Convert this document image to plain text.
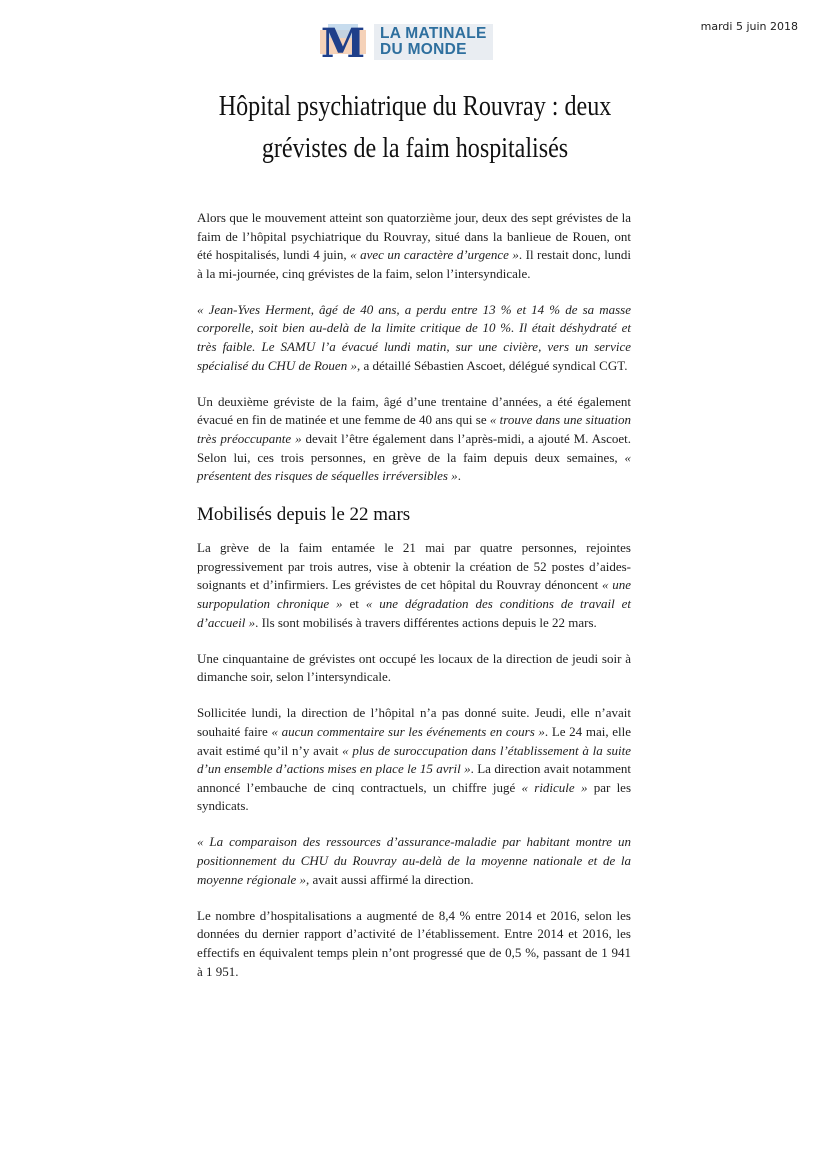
mardi 5 juin 2018
M LA MATINALE
DU MONDE
Hôpital psychiatrique du Rouvray : deux grévistes de la faim hospitalisés

Alors que le mouvement atteint son quatorzième jour, deux des sept grévistes de la faim de l’hôpital psychiatrique du Rouvray, situé dans la banlieue de Rouen, ont été hospitalisés, lundi 4 juin, « avec un caractère d’urgence ». Il restait donc, lundi à la mi-journée, cinq grévistes de la faim, selon l’intersyndicale.

« Jean-Yves Herment, âgé de 40 ans, a perdu entre 13 % et 14 % de sa masse corporelle, soit bien au-delà de la limite critique de 10 %. Il était déshydraté et très faible. Le SAMU l’a évacué lundi matin, sur une civière, vers un service spécialisé du CHU de Rouen », a détaillé Sébastien Ascoet, délégué syndical CGT.

Un deuxième gréviste de la faim, âgé d’une trentaine d’années, a été également évacué en fin de matinée et une femme de 40 ans qui se « trouve dans une situation très préoccupante » devait l’être également dans l’après-midi, a ajouté M. Ascoet. Selon lui, ces trois personnes, en grève de la faim depuis deux semaines, « présentent des risques de séquelles irréversibles ».

Mobilisés depuis le 22 mars

La grève de la faim entamée le 21 mai par quatre personnes, rejointes progressivement par trois autres, vise à obtenir la création de 52 postes d’aides-soignants et d’infirmiers. Les grévistes de cet hôpital du Rouvray dénoncent « une surpopulation chronique » et « une dégradation des conditions de travail et d’accueil ». Ils sont mobilisés à travers différentes actions depuis le 22 mars.

Une cinquantaine de grévistes ont occupé les locaux de la direction de jeudi soir à dimanche soir, selon l’intersyndicale.

Sollicitée lundi, la direction de l’hôpital n’a pas donné suite. Jeudi, elle n’avait souhaité faire « aucun commentaire sur les événements en cours ». Le 24 mai, elle avait estimé qu’il n’y avait « plus de suroccupation dans l’établissement à la suite d’un ensemble d’actions mises en place le 15 avril ». La direction avait notamment annoncé l’embauche de cinq contractuels, un chiffre jugé « ridicule » par les syndicats.

« La comparaison des ressources d’assurance-maladie par habitant montre un positionnement du CHU du Rouvray au-delà de la moyenne nationale et de la moyenne régionale », avait aussi affirmé la direction.

Le nombre d’hospitalisations a augmenté de 8,4 % entre 2014 et 2016, selon les données du dernier rapport d’activité de l’établissement. Entre 2014 et 2016, les effectifs en équivalent temps plein n’ont progressé que de 0,5 %, passant de 1 941 à 1 951.
